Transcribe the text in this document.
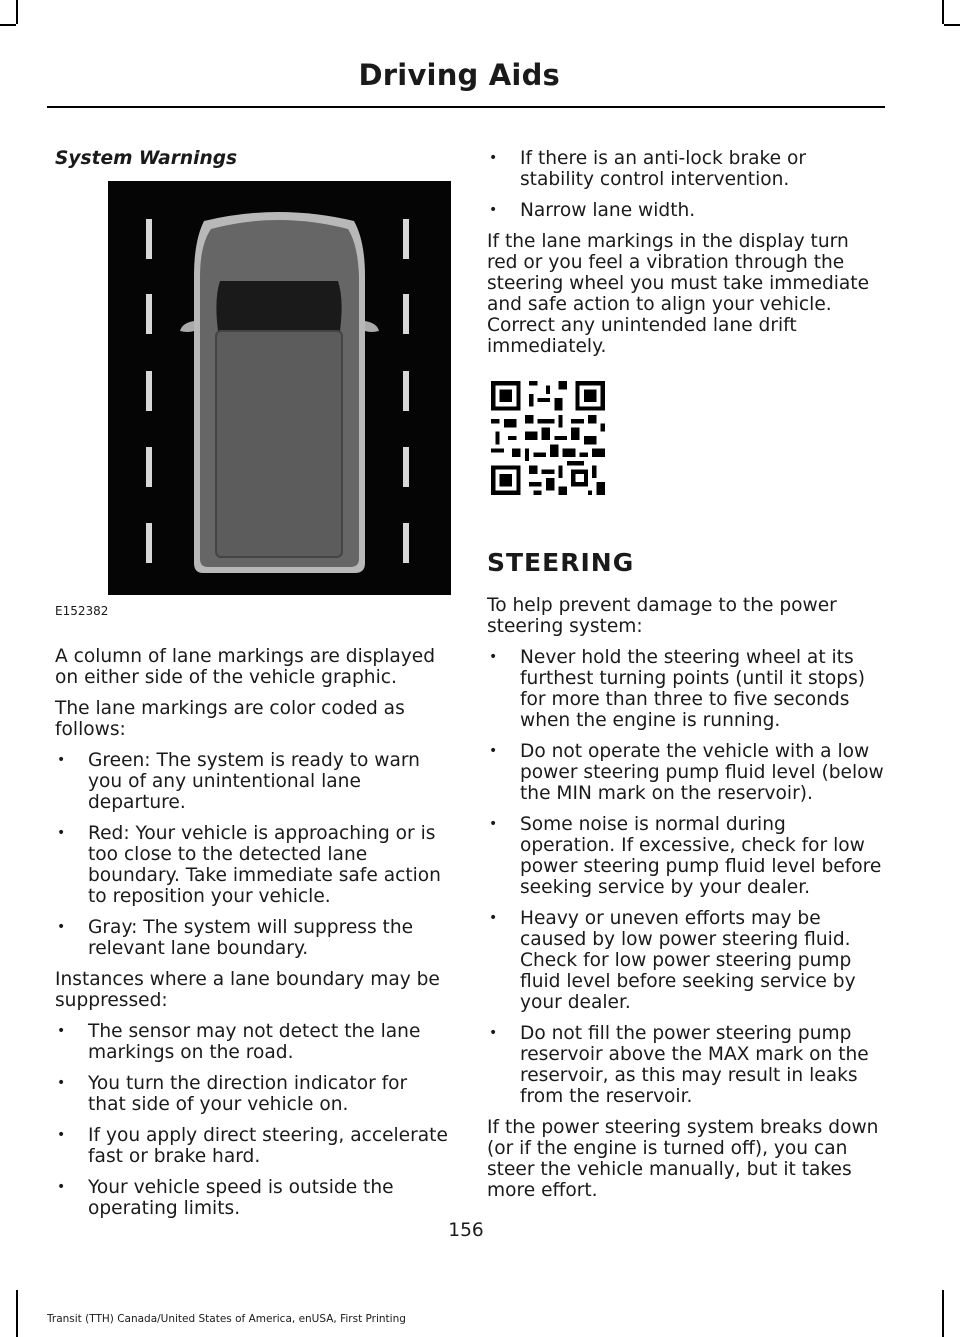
Driving Aids
System Warnings
E152382

A column of lane markings are displayed on either side of the vehicle graphic.

The lane markings are color coded as follows:

• Green: The system is ready to warn you of any unintentional lane departure.
• Red: Your vehicle is approaching or is too close to the detected lane boundary. Take immediate safe action to reposition your vehicle.
• Gray: The system will suppress the relevant lane boundary.

Instances where a lane boundary may be suppressed:

• The sensor may not detect the lane markings on the road.
• You turn the direction indicator for that side of your vehicle on.
• If you apply direct steering, accelerate fast or brake hard.
• Your vehicle speed is outside the operating limits.
• If there is an anti-lock brake or stability control intervention.
• Narrow lane width.

If the lane markings in the display turn red or you feel a vibration through the steering wheel you must take immediate and safe action to align your vehicle. Correct any unintended lane drift immediately.

STEERING

To help prevent damage to the power steering system:

• Never hold the steering wheel at its furthest turning points (until it stops) for more than three to five seconds when the engine is running.
• Do not operate the vehicle with a low power steering pump fluid level (below the MIN mark on the reservoir).
• Some noise is normal during operation. If excessive, check for low power steering pump fluid level before seeking service by your dealer.
• Heavy or uneven efforts may be caused by low power steering fluid. Check for low power steering pump fluid level before seeking service by your dealer.
• Do not fill the power steering pump reservoir above the MAX mark on the reservoir, as this may result in leaks from the reservoir.

If the power steering system breaks down (or if the engine is turned off), you can steer the vehicle manually, but it takes more effort.

156
Transit (TTH) Canada/United States of America, enUSA, First Printing
